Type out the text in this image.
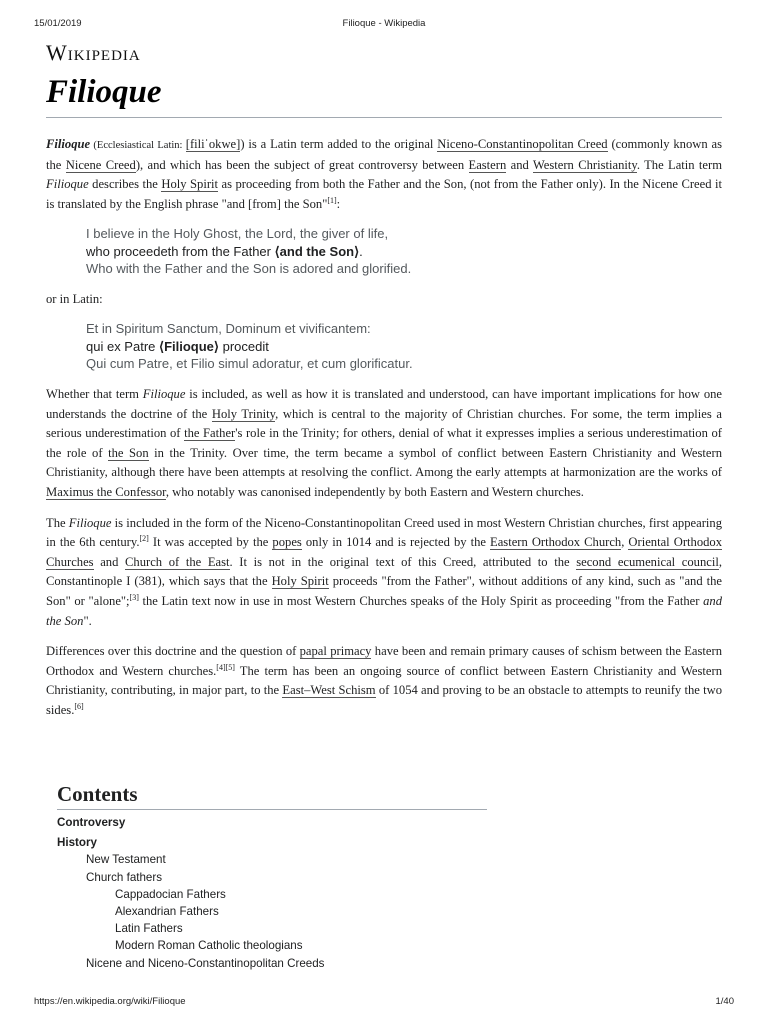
15/01/2019	Filioque - Wikipedia
Wikipedia
Filioque

Filioque (Ecclesiastical Latin: [filiˈokwe]) is a Latin term added to the original Niceno-Constantinopolitan Creed (commonly known as the Nicene Creed), and which has been the subject of great controversy between Eastern and Western Christianity. The Latin term Filioque describes the Holy Spirit as proceeding from both the Father and the Son, (not from the Father only). In the Nicene Creed it is translated by the English phrase "and [from] the Son"[1]:

I believe in the Holy Ghost, the Lord, the giver of life,
who proceedeth from the Father ⟨and the Son⟩.
Who with the Father and the Son is adored and glorified.

or in Latin:

Et in Spiritum Sanctum, Dominum et vivificantem:
qui ex Patre ⟨Filioque⟩ procedit
Qui cum Patre, et Filio simul adoratur, et cum glorificatur.

Whether that term Filioque is included, as well as how it is translated and understood, can have important implications for how one understands the doctrine of the Holy Trinity, which is central to the majority of Christian churches. For some, the term implies a serious underestimation of the Father's role in the Trinity; for others, denial of what it expresses implies a serious underestimation of the role of the Son in the Trinity. Over time, the term became a symbol of conflict between Eastern Christianity and Western Christianity, although there have been attempts at resolving the conflict. Among the early attempts at harmonization are the works of Maximus the Confessor, who notably was canonised independently by both Eastern and Western churches.

The Filioque is included in the form of the Niceno-Constantinopolitan Creed used in most Western Christian churches, first appearing in the 6th century.[2] It was accepted by the popes only in 1014 and is rejected by the Eastern Orthodox Church, Oriental Orthodox Churches and Church of the East. It is not in the original text of this Creed, attributed to the second ecumenical council, Constantinople I (381), which says that the Holy Spirit proceeds "from the Father", without additions of any kind, such as "and the Son" or "alone";[3] the Latin text now in use in most Western Churches speaks of the Holy Spirit as proceeding "from the Father and the Son".

Differences over this doctrine and the question of papal primacy have been and remain primary causes of schism between the Eastern Orthodox and Western churches.[4][5] The term has been an ongoing source of conflict between Eastern Christianity and Western Christianity, contributing, in major part, to the East–West Schism of 1054 and proving to be an obstacle to attempts to reunify the two sides.[6]

Contents
Controversy
History
New Testament
Church fathers
Cappadocian Fathers
Alexandrian Fathers
Latin Fathers
Modern Roman Catholic theologians
Nicene and Niceno-Constantinopolitan Creeds
https://en.wikipedia.org/wiki/Filioque	1/40
